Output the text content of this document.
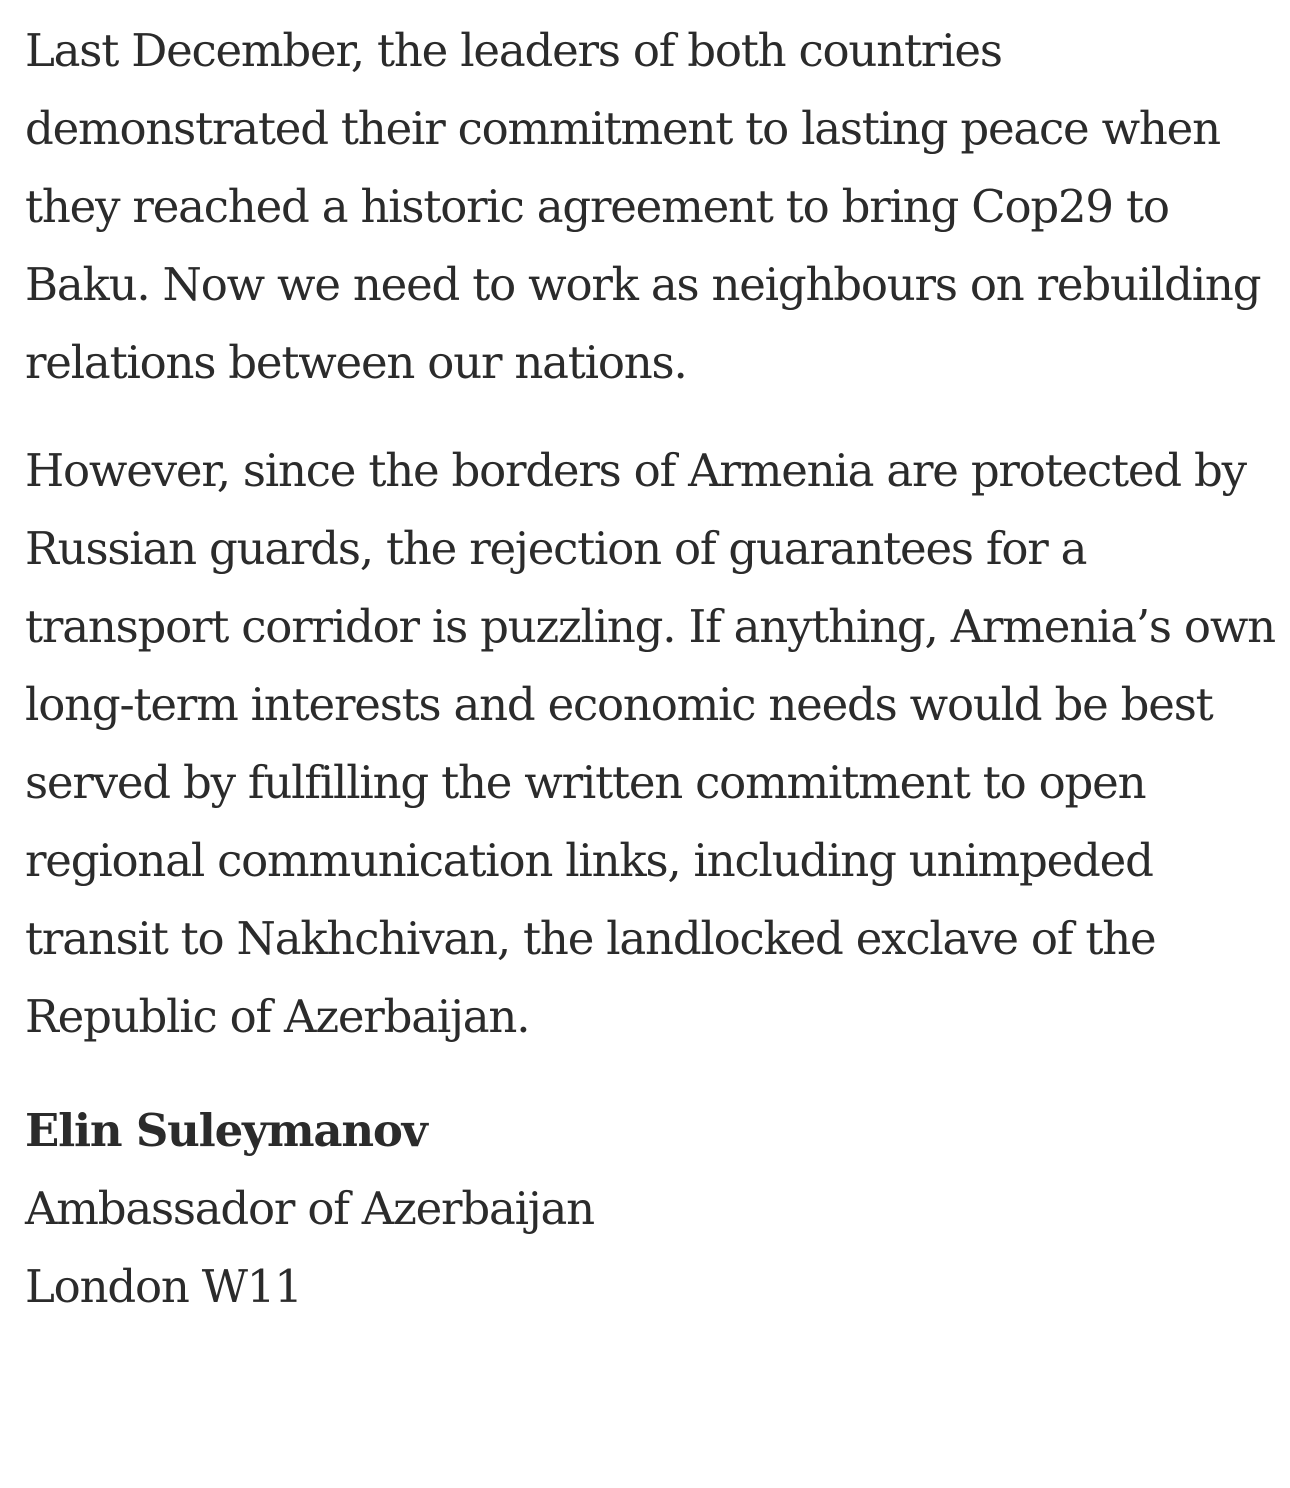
Last December, the leaders of both countries demonstrated their commitment to lasting peace when they reached a historic agreement to bring Cop29 to Baku. Now we need to work as neighbours on rebuilding relations between our nations.

However, since the borders of Armenia are protected by Russian guards, the rejection of guarantees for a transport corridor is puzzling. If anything, Armenia’s own long-term interests and economic needs would be best served by fulfilling the written commitment to open regional communication links, including unimpeded transit to Nakhchivan, the landlocked exclave of the Republic of Azerbaijan.

Elin Suleymanov
Ambassador of Azerbaijan
London W11
